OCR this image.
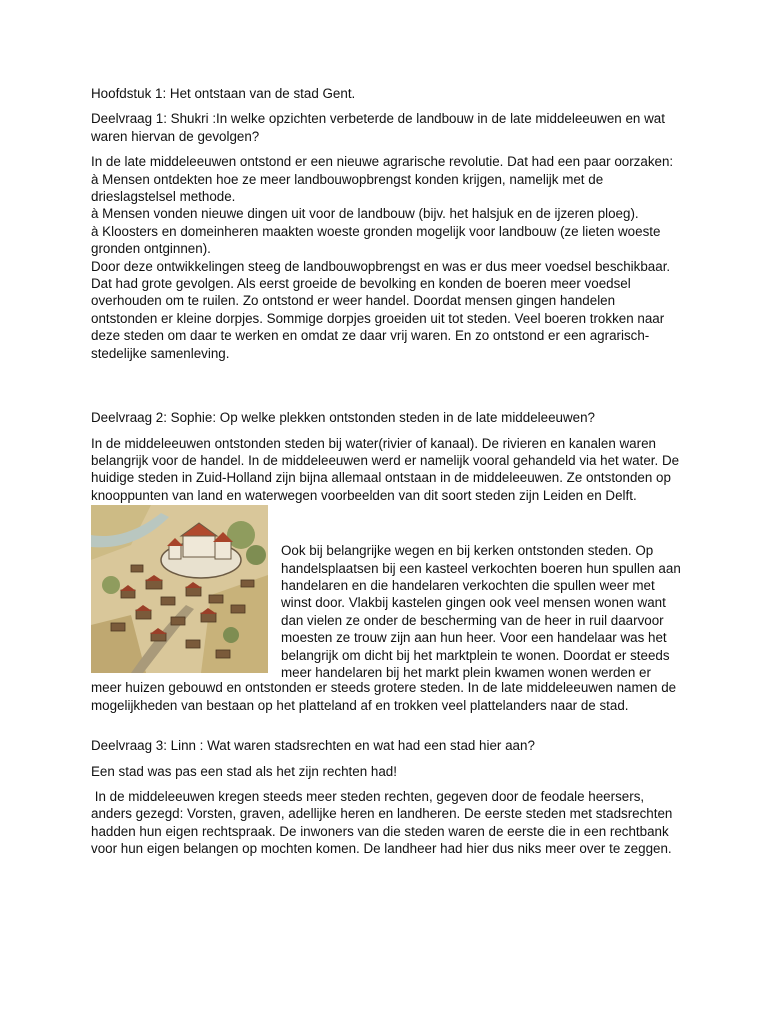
Hoofdstuk 1: Het ontstaan van de stad Gent.

Deelvraag 1: Shukri :In welke opzichten verbeterde de landbouw in de late middeleeuwen en wat waren hiervan de gevolgen?

In de late middeleeuwen ontstond er een nieuwe agrarische revolutie. Dat had een paar oorzaken:

à Mensen ontdekten hoe ze meer landbouwopbrengst konden krijgen, namelijk met de drieslagstelsel methode.

à Mensen vonden nieuwe dingen uit voor de landbouw (bijv. het halsjuk en de ijzeren ploeg).

à Kloosters en domeinheren maakten woeste gronden mogelijk voor landbouw (ze lieten woeste gronden ontginnen).

Door deze ontwikkelingen steeg de landbouwopbrengst en was er dus meer voedsel beschikbaar. Dat had grote gevolgen. Als eerst groeide de bevolking en konden de boeren meer voedsel overhouden om te ruilen. Zo ontstond er weer handel. Doordat mensen gingen handelen ontstonden er kleine dorpjes. Sommige dorpjes groeiden uit tot steden. Veel boeren trokken naar deze steden om daar te werken en omdat ze daar vrij waren. En zo ontstond er een agrarisch-stedelijke samenleving.

Deelvraag 2: Sophie: Op welke plekken ontstonden steden in de late middeleeuwen?

In de middeleeuwen ontstonden steden bij water(rivier of kanaal). De rivieren en kanalen waren belangrijk voor de handel. In de middeleeuwen werd er namelijk vooral gehandeld via het water. De huidige steden in Zuid-Holland zijn bijna allemaal ontstaan in de middeleeuwen. Ze ontstonden op knooppunten van land en waterwegen voorbeelden van dit soort steden zijn Leiden en Delft.

Ook bij belangrijke wegen en bij kerken ontstonden steden. Op handelsplaatsen bij een kasteel verkochten boeren hun spullen aan handelaren en die handelaren verkochten die spullen weer met winst door. Vlakbij kastelen gingen ook veel mensen wonen want dan vielen ze onder de bescherming van de heer in ruil daarvoor moesten ze trouw zijn aan hun heer. Voor een handelaar was het belangrijk om dicht bij het marktplein te wonen. Doordat er steeds meer handelaren bij het markt plein kwamen wonen werden er

meer huizen gebouwd en ontstonden er steeds grotere steden. In de late middeleeuwen namen de mogelijkheden van bestaan op het platteland af en trokken veel plattelanders naar de stad.

Deelvraag 3: Linn : Wat waren stadsrechten en wat had een stad hier aan?

Een stad was pas een stad als het zijn rechten had!

In de middeleeuwen kregen steeds meer steden rechten, gegeven door de feodale heersers, anders gezegd: Vorsten, graven, adellijke heren en landheren. De eerste steden met stadsrechten hadden hun eigen rechtspraak. De inwoners van die steden waren de eerste die in een rechtbank voor hun eigen belangen op mochten komen. De landheer had hier dus niks meer over te zeggen.
